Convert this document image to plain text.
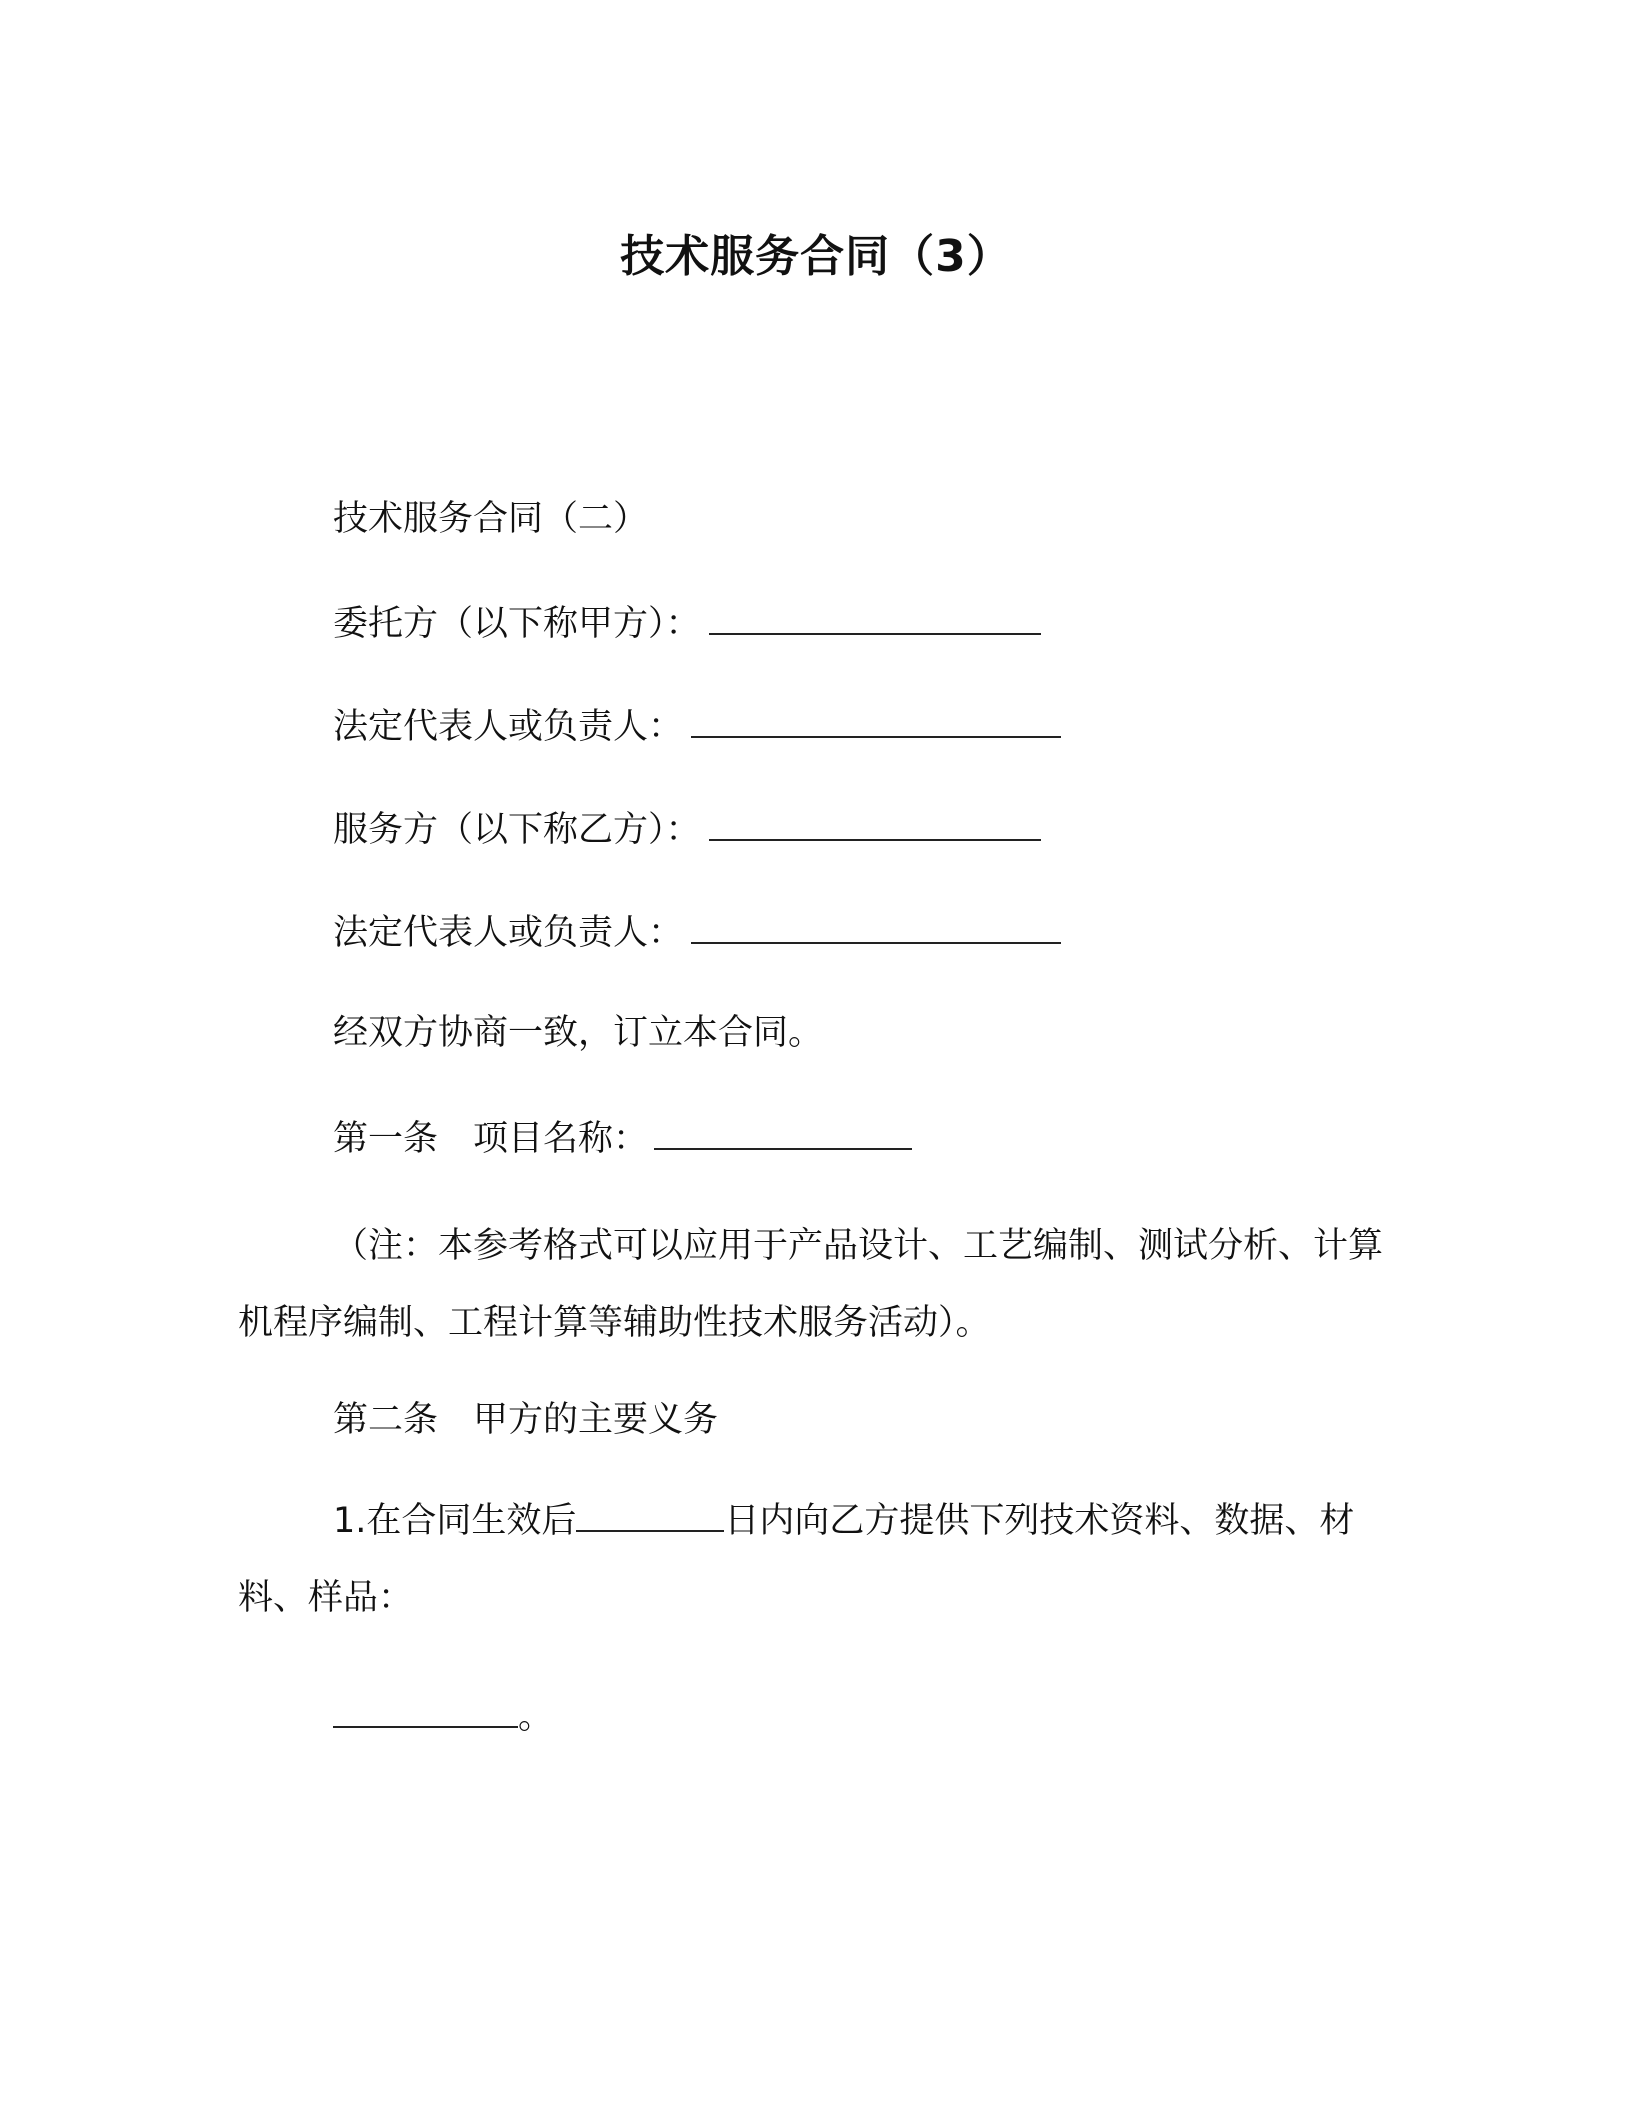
技术服务合同（3）
技术服务合同（二）
委托方（以下称甲方）：
法定代表人或负责人：
服务方（以下称乙方）：
法定代表人或负责人：
经双方协商一致，订立本合同。
第一条　项目名称：
（注：本参考格式可以应用于产品设计、工艺编制、测试分析、计算机程序编制、工程计算等辅助性技术服务活动）。
第二条　甲方的主要义务
1.在合同生效后	日内向乙方提供下列技术资料、数据、材料、样品：
。
